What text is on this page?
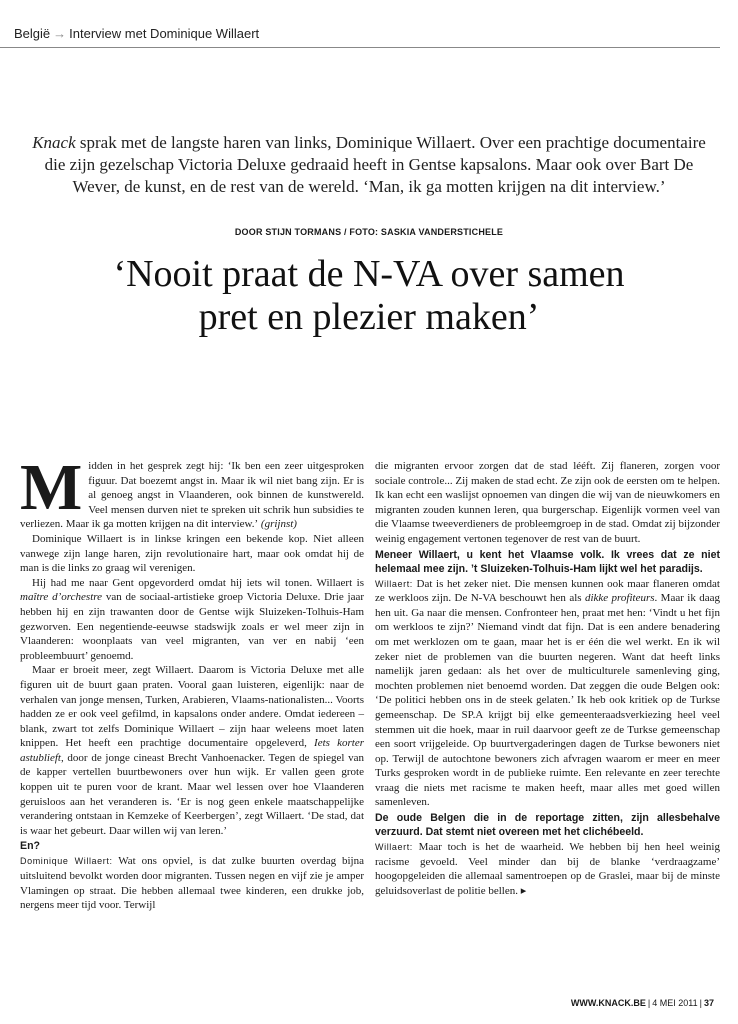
België → Interview met Dominique Willaert
Knack sprak met de langste haren van links, Dominique Willaert. Over een prachtige documentaire die zijn gezelschap Victoria Deluxe gedraaid heeft in Gentse kapsalons. Maar ook over Bart De Wever, de kunst, en de rest van de wereld. ‘Man, ik ga motten krijgen na dit interview.’
DOOR STIJN TORMANS / FOTO: SASKIA VANDERSTICHELE
‘Nooit praat de N-VA over samen
pret en plezier maken’

Midden in het gesprek zegt hij: ‘Ik ben een zeer uitgesproken figuur. Dat boezemt angst in. Maar ik wil niet bang zijn. Er is al genoeg angst in Vlaanderen, ook binnen de kunstwereld. Veel mensen durven niet te spreken uit schrik hun subsidies te verliezen. Maar ik ga motten krijgen na dit interview.’ (grijnst)

Dominique Willaert is in linkse kringen een bekende kop. Niet alleen vanwege zijn lange haren, zijn revolutionaire hart, maar ook omdat hij de man is die links zo graag wil verenigen.

Hij had me naar Gent opgevorderd omdat hij iets wil tonen. Willaert is maître d’orchestre van de sociaal-artistieke groep Victoria Deluxe. Drie jaar hebben hij en zijn trawanten door de Gentse wijk Sluizeken-Tolhuis-Ham gezworven. Een negentiende-eeuwse stadswijk zoals er wel meer zijn in Vlaanderen: woonplaats van veel migranten, van ver en nabij ‘een probleembuurt’ genoemd.

Maar er broeit meer, zegt Willaert. Daarom is Victoria Deluxe met alle figuren uit de buurt gaan praten. Vooral gaan luisteren, eigenlijk: naar de verhalen van jonge mensen, Turken, Arabieren, Vlaams-nationalisten... Voorts hadden ze er ook veel gefilmd, in kapsalons onder andere. Omdat iedereen – blank, zwart tot zelfs Dominique Willaert – zijn haar weleens moet laten knippen. Het heeft een prachtige documentaire opgeleverd, Iets korter astublieft, door de jonge cineast Brecht Vanhoenacker. Tegen de spiegel van de kapper vertellen buurtbewoners over hun wijk. Er vallen geen grote koppen uit te puren voor de krant. Maar wel lessen over hoe Vlaanderen geruisloos aan het veranderen is. ‘Er is nog geen enkele maatschappelijke verandering ontstaan in Kemzeke of Keerbergen’, zegt Willaert. ‘De stad, dat is waar het gebeurt. Daar willen wij van leren.’

En?

Dominique Willaert: Wat ons opviel, is dat zulke buurten overdag bijna uitsluitend bevolkt worden door migranten. Tussen negen en vijf zie je amper Vlamingen op straat. Die hebben allemaal twee kinderen, een drukke job, nergens meer tijd voor. Terwijl

die migranten ervoor zorgen dat de stad lééft. Zij flaneren, zorgen voor sociale controle... Zij maken de stad echt. Ze zijn ook de eersten om te helpen. Ik kan echt een waslijst opnoemen van dingen die wij van de nieuwkomers en migranten zouden kunnen leren, qua burgerschap. Eigenlijk vormen veel van die Vlaamse tweeverdieners de probleemgroep in de stad. Omdat zij bijzonder weinig engagement vertonen tegenover de rest van de buurt.

Meneer Willaert, u kent het Vlaamse volk. Ik vrees dat ze niet helemaal mee zijn. ’t Sluizeken-Tolhuis-Ham lijkt wel het paradijs.

Willaert: Dat is het zeker niet. Die mensen kunnen ook maar flaneren omdat ze werkloos zijn. De N-VA beschouwt hen als dikke profiteurs. Maar ik daag hen uit. Ga naar die mensen. Confronteer hen, praat met hen: ‘Vindt u het fijn om werkloos te zijn?’ Niemand vindt dat fijn. Dat is een andere benadering om met werklozen om te gaan, maar het is er één die wel werkt. En ik wil zeker niet de problemen van die buurten negeren. Want dat heeft links namelijk jaren gedaan: als het over de multiculturele samenleving ging, mochten problemen niet benoemd worden. Dat zeggen die oude Belgen ook: ‘De politici hebben ons in de steek gelaten.’ Ik heb ook kritiek op de Turkse gemeenschap. De SP.A krijgt bij elke gemeenteraadsverkiezing heel veel stemmen uit die hoek, maar in ruil daarvoor geeft ze de Turkse gemeenschap een soort vrijgeleide. Op buurtvergaderingen dagen de Turkse bewoners niet op. Terwijl de autochtone bewoners zich afvragen waarom er meer en meer Turks gesproken wordt in de publieke ruimte. Een relevante en zeer terechte vraag die niets met racisme te maken heeft, maar alles met goed willen samenleven.

De oude Belgen die in de reportage zitten, zijn allesbehalve verzuurd. Dat stemt niet overeen met het clichébeeld.

Willaert: Maar toch is het de waarheid. We hebben bij hen heel weinig racisme gevoeld. Veel minder dan bij de blanke ‘verdraagzame’ hoogopgeleiden die allemaal samentroepen op de Graslei, maar bij de minste geluidsoverlast de politie bellen. ▸

WWW.KNACK.BE | 4 MEI 2011 | 37
